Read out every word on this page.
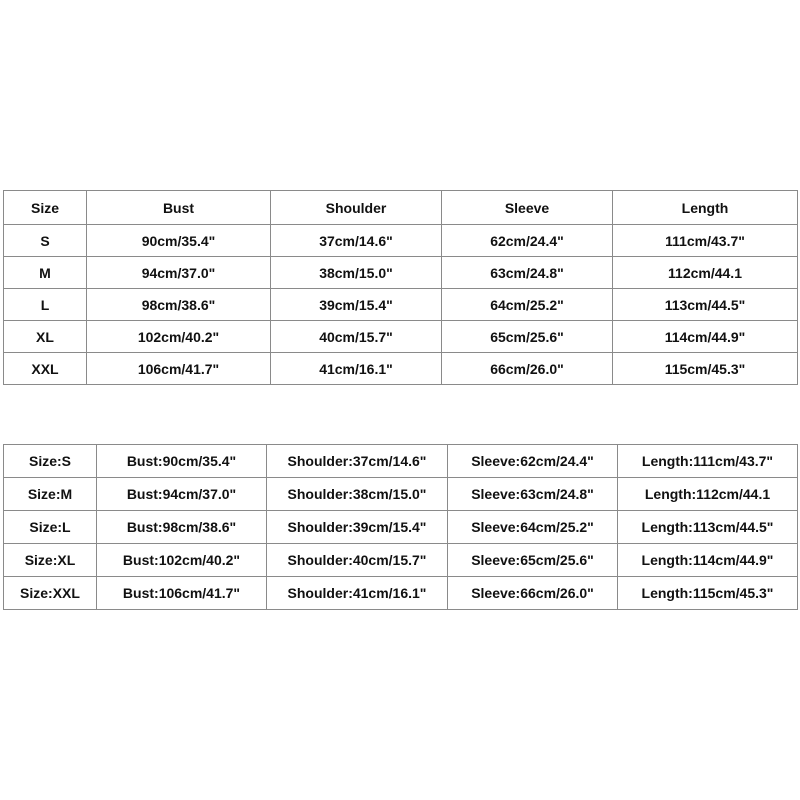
Size	Bust	Shoulder	Sleeve	Length
S	90cm/35.4"	37cm/14.6"	62cm/24.4"	111cm/43.7"
M	94cm/37.0"	38cm/15.0"	63cm/24.8"	112cm/44.1
L	98cm/38.6"	39cm/15.4"	64cm/25.2"	113cm/44.5"
XL	102cm/40.2"	40cm/15.7"	65cm/25.6"	114cm/44.9"
XXL	106cm/41.7"	41cm/16.1"	66cm/26.0"	115cm/45.3"
Size:S	Bust:90cm/35.4"	Shoulder:37cm/14.6"	Sleeve:62cm/24.4"	Length:111cm/43.7"
Size:M	Bust:94cm/37.0"	Shoulder:38cm/15.0"	Sleeve:63cm/24.8"	Length:112cm/44.1
Size:L	Bust:98cm/38.6"	Shoulder:39cm/15.4"	Sleeve:64cm/25.2"	Length:113cm/44.5"
Size:XL	Bust:102cm/40.2"	Shoulder:40cm/15.7"	Sleeve:65cm/25.6"	Length:114cm/44.9"
Size:XXL	Bust:106cm/41.7"	Shoulder:41cm/16.1"	Sleeve:66cm/26.0"	Length:115cm/45.3"
